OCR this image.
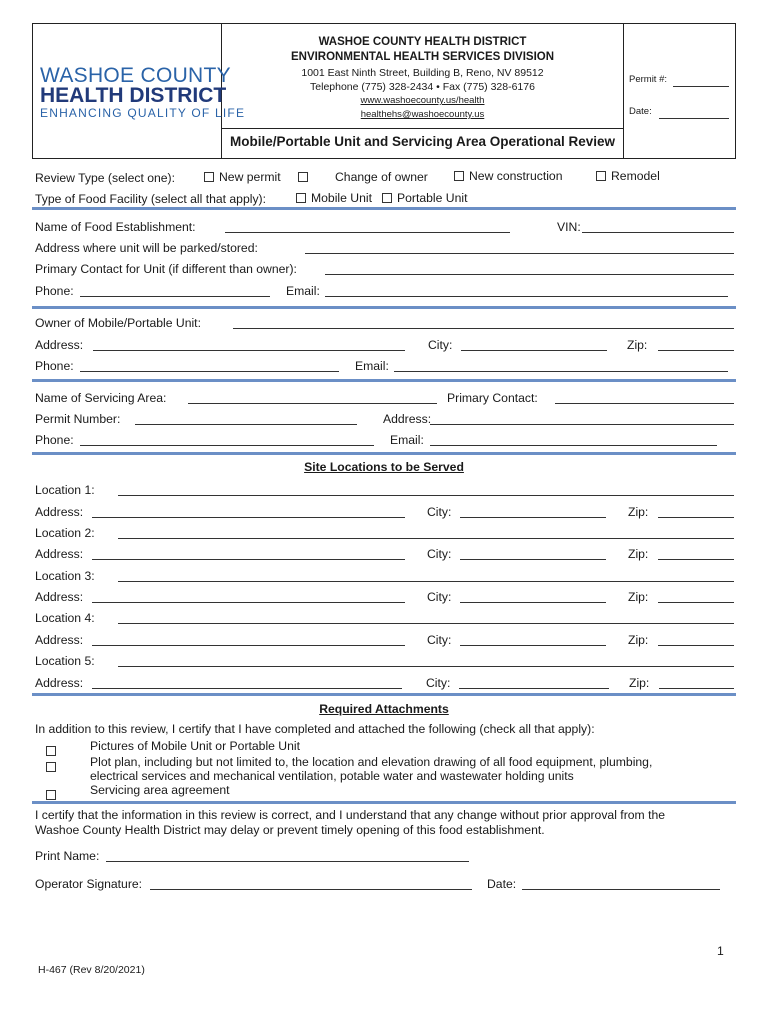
WASHOE COUNTY
HEALTH DISTRICT
ENHANCING QUALITY OF LIFE
WASHOE COUNTY HEALTH DISTRICT
ENVIRONMENTAL HEALTH SERVICES DIVISION
1001 East Ninth Street, Building B, Reno, NV 89512
Telephone (775) 328-2434 • Fax (775) 328-6176
www.washoecounty.us/health
healthehs@washoecounty.us
Mobile/Portable Unit and Servicing Area Operational Review
Permit #:
Date:
Review Type (select one):	New permit	Change of owner	New construction	Remodel
Type of Food Facility (select all that apply):	Mobile Unit	Portable Unit
Name of Food Establishment:	VIN:
Address where unit will be parked/stored:
Primary Contact for Unit (if different than owner):
Phone:	Email:
Owner of Mobile/Portable Unit:
Address:	City:	Zip:
Phone:	Email:
Name of Servicing Area:	Primary Contact:
Permit Number:	Address:
Phone:	Email:
Site Locations to be Served
Location 1:
Address:	City:	Zip:
Location 2:
Address:	City:	Zip:
Location 3:
Address:	City:	Zip:
Location 4:
Address:	City:	Zip:
Location 5:
Address:	City:	Zip:
Required Attachments
In addition to this review, I certify that I have completed and attached the following (check all that apply):
Pictures of Mobile Unit or Portable Unit
Plot plan, including but not limited to, the location and elevation drawing of all food equipment, plumbing,
electrical services and mechanical ventilation, potable water and wastewater holding units
Servicing area agreement
I certify that the information in this review is correct, and I understand that any change without prior approval from the
Washoe County Health District may delay or prevent timely opening of this food establishment.
Print Name:
Operator Signature:	Date:
1
H-467 (Rev 8/20/2021)
